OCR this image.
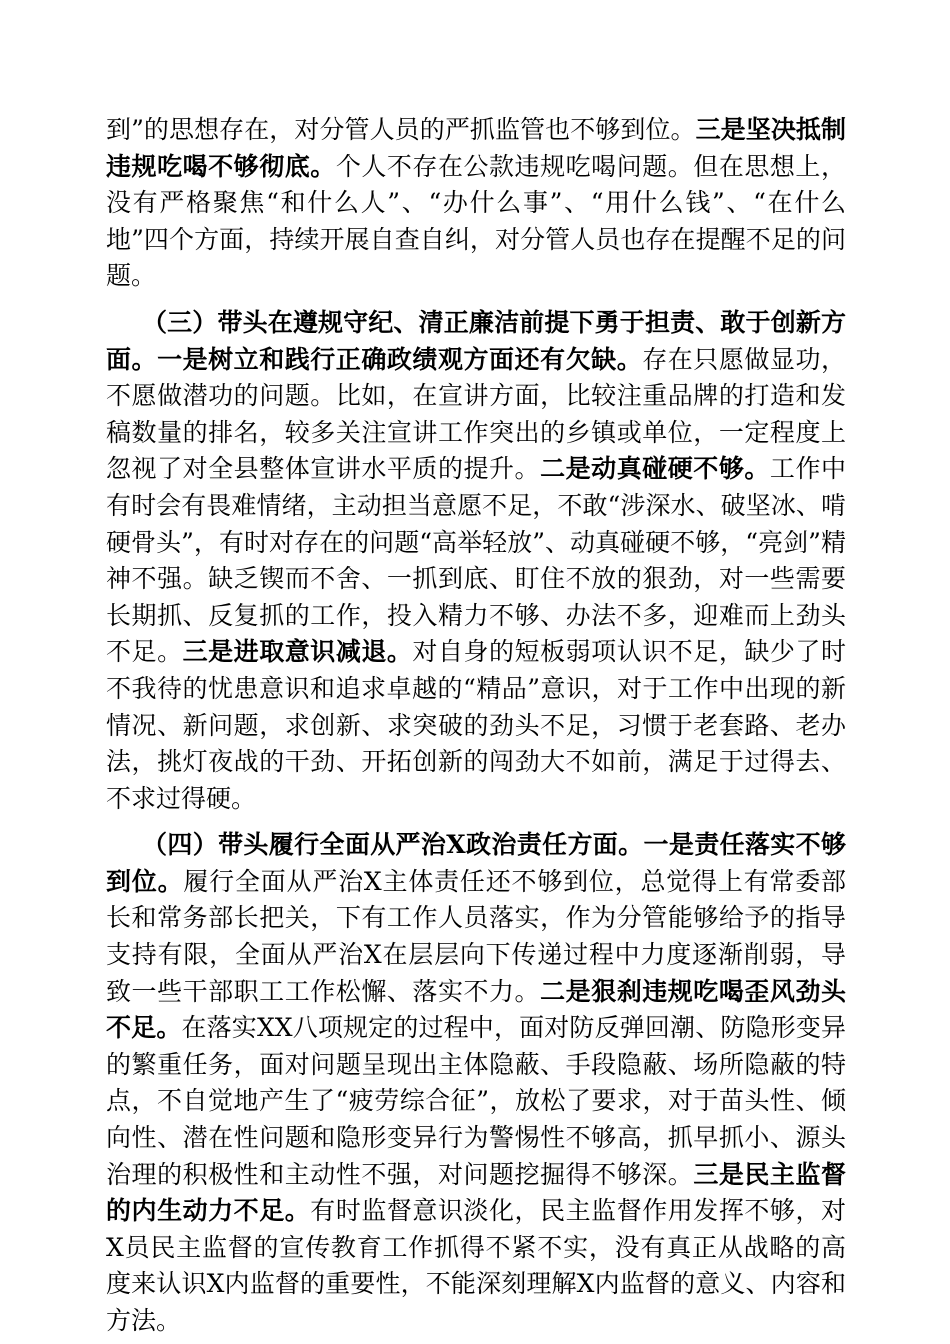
到”的思想存在，对分管人员的严抓监管也不够到位。三是坚决抵制违规吃喝不够彻底。个人不存在公款违规吃喝问题。但在思想上，没有严格聚焦“和什么人”、“办什么事”、“用什么钱”、“在什么地”四个方面，持续开展自查自纠，对分管人员也存在提醒不足的问题。

（三）带头在遵规守纪、清正廉洁前提下勇于担责、敢于创新方面。一是树立和践行正确政绩观方面还有欠缺。存在只愿做显功，不愿做潜功的问题。比如，在宣讲方面，比较注重品牌的打造和发稿数量的排名，较多关注宣讲工作突出的乡镇或单位，一定程度上忽视了对全县整体宣讲水平质的提升。二是动真碰硬不够。工作中有时会有畏难情绪，主动担当意愿不足，不敢“涉深水、破坚冰、啃硬骨头”，有时对存在的问题“高举轻放”、动真碰硬不够，“亮剑”精神不强。缺乏锲而不舍、一抓到底、盯住不放的狠劲，对一些需要长期抓、反复抓的工作，投入精力不够、办法不多，迎难而上劲头不足。三是进取意识减退。对自身的短板弱项认识不足，缺少了时不我待的忧患意识和追求卓越的“精品”意识，对于工作中出现的新情况、新问题，求创新、求突破的劲头不足，习惯于老套路、老办法，挑灯夜战的干劲、开拓创新的闯劲大不如前，满足于过得去、不求过得硬。

（四）带头履行全面从严治X政治责任方面。一是责任落实不够到位。履行全面从严治X主体责任还不够到位，总觉得上有常委部长和常务部长把关，下有工作人员落实，作为分管能够给予的指导支持有限，全面从严治X在层层向下传递过程中力度逐渐削弱，导致一些干部职工工作松懈、落实不力。二是狠刹违规吃喝歪风劲头不足。在落实XX八项规定的过程中，面对防反弹回潮、防隐形变异的繁重任务，面对问题呈现出主体隐蔽、手段隐蔽、场所隐蔽的特点，不自觉地产生了“疲劳综合征”，放松了要求，对于苗头性、倾向性、潜在性问题和隐形变异行为警惕性不够高，抓早抓小、源头治理的积极性和主动性不强，对问题挖掘得不够深。三是民主监督的内生动力不足。有时监督意识淡化，民主监督作用发挥不够，对X员民主监督的宣传教育工作抓得不紧不实，没有真正从战略的高度来认识X内监督的重要性，不能深刻理解X内监督的意义、内容和方法。
